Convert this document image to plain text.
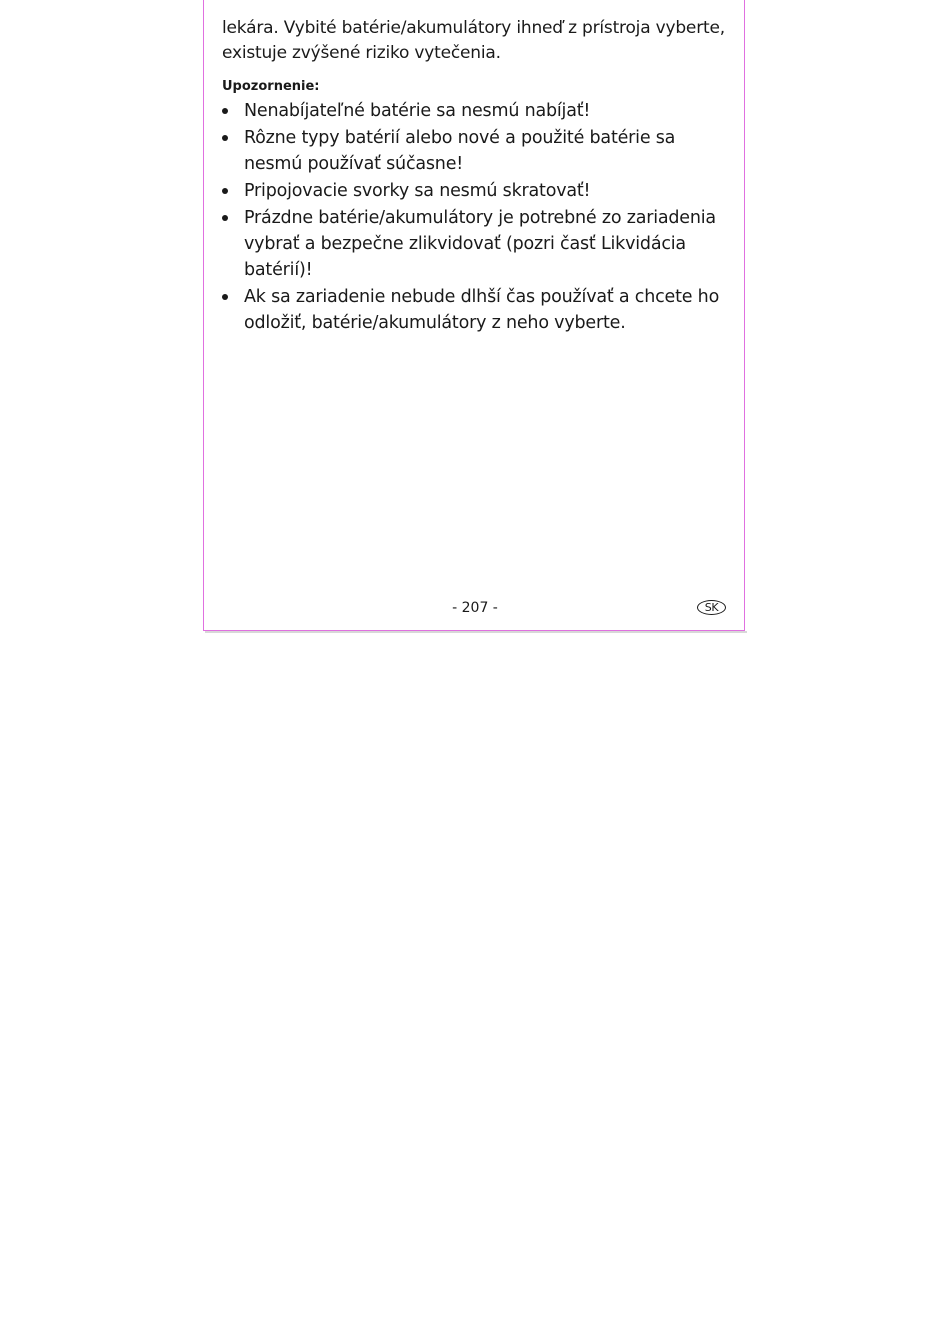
lekára. Vybité batérie/akumulátory ihneď z prístroja vyberte,
existuje zvýšené riziko vytečenia.

Upozornenie:
Nenabíjateľné batérie sa nesmú nabíjať!
Rôzne typy batérií alebo nové a použité batérie sa nesmú používať súčasne!
Pripojovacie svorky sa nesmú skratovať!
Prázdne batérie/akumulátory je potrebné zo zariadenia vybrať a bezpečne zlikvidovať (pozri časť Likvidácia batérií)!
Ak sa zariadenie nebude dlhší čas používať a chcete ho odložiť, batérie/akumulátory z neho vyberte.
- 207 -	SK
